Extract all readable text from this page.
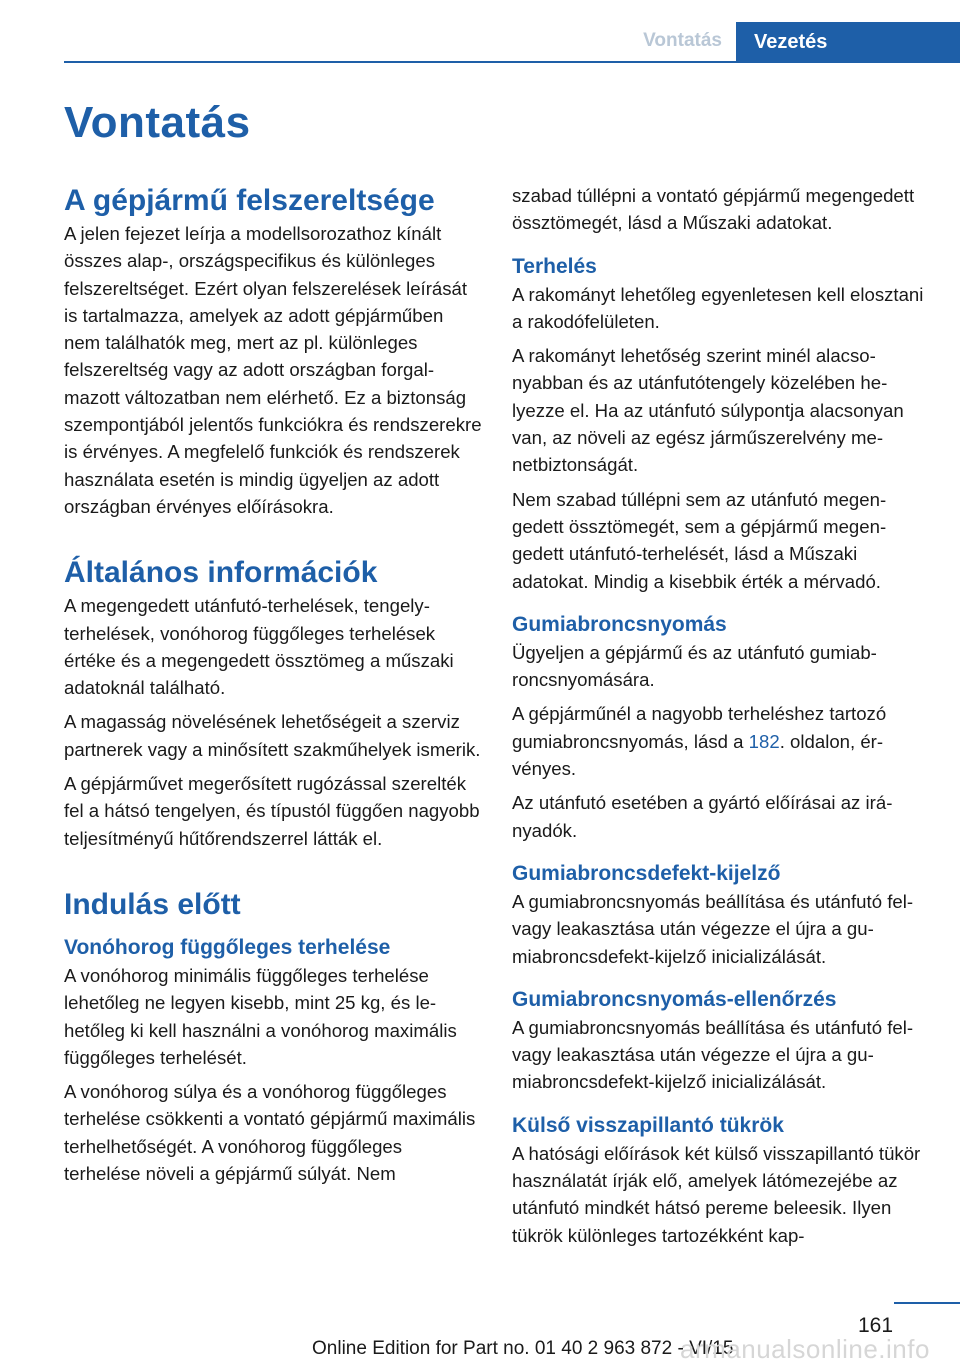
Vontatás	Vezetés
Vontatás
A gépjármű felszereltsége

A jelen fejezet leírja a modellsorozathoz kínált összes alap-, országspecifikus és különleges felszereltséget. Ezért olyan felszerelések leírását is tartalmazza, amelyek az adott gépjárműben nem találhatók meg, mert az pl. különleges felszereltség vagy az adott országban forgalmazott változatban nem elérhető. Ez a biztonság szempontjából jelentős funkciókra és rendszerekre is érvényes. A megfelelő funkciók és rendszerek használata esetén is mindig ügyeljen az adott országban érvényes előírásokra.

Általános információk

A megengedett utánfutó-terhelések, tengelyterhelések, vonóhorog függőleges terhelések értéke és a megengedett össztömeg a műszaki adatoknál található.

A magasság növelésének lehetőségeit a szerviz partnerek vagy a minősített szakműhelyek ismerik.

A gépjárművet megerősített rugózással szerelték fel a hátsó tengelyen, és típustól függően nagyobb teljesítményű hűtőrendszerrel látták el.

Indulás előtt
Vonóhorog függőleges terhelése

A vonóhorog minimális függőleges terhelése lehetőleg ne legyen kisebb, mint 25 kg, és lehetőleg ki kell használni a vonóhorog maximális függőleges terhelését.

A vonóhorog súlya és a vonóhorog függőleges terhelése csökkenti a vontató gépjármű maximális terhelhetőségét. A vonóhorog függőleges terhelése növeli a gépjármű súlyát. Nem

szabad túllépni a vontató gépjármű megengedett össztömegét, lásd a Műszaki adatokat.

Terhelés

A rakományt lehetőleg egyenletesen kell elosztani a rakodófelületen.

A rakományt lehetőség szerint minél alacsonyabban és az utánfutótengely közelében helyezze el. Ha az utánfutó súlypontja alacsonyan van, az növeli az egész járműszerelvény menetbiztonságát.

Nem szabad túllépni sem az utánfutó megengedett össztömegét, sem a gépjármű megengedett utánfutó-terhelését, lásd a Műszaki adatokat. Mindig a kisebbik érték a mérvadó.

Gumiabroncsnyomás

Ügyeljen a gépjármű és az utánfutó gumiabroncsnyomására.

A gépjárműnél a nagyobb terheléshez tartozó gumiabroncsnyomás, lásd a 182. oldalon, érvényes.

Az utánfutó esetében a gyártó előírásai az irányadók.

Gumiabroncsdefekt-kijelző

A gumiabroncsnyomás beállítása és utánfutó fel- vagy leakasztása után végezze el újra a gumiabroncsdefekt-kijelző inicializálását.

Gumiabroncsnyomás-ellenőrzés

A gumiabroncsnyomás beállítása és utánfutó fel- vagy leakasztása után végezze el újra a gumiabroncsdefekt-kijelző inicializálását.

Külső visszapillantó tükrök

A hatósági előírások két külső visszapillantó tükör használatát írják elő, amelyek látómezejébe az utánfutó mindkét hátsó pereme beleesik. Ilyen tükrök különleges tartozékként kap-

161
Online Edition for Part no. 01 40 2 963 872 - VI/15
armanualsonline.info
